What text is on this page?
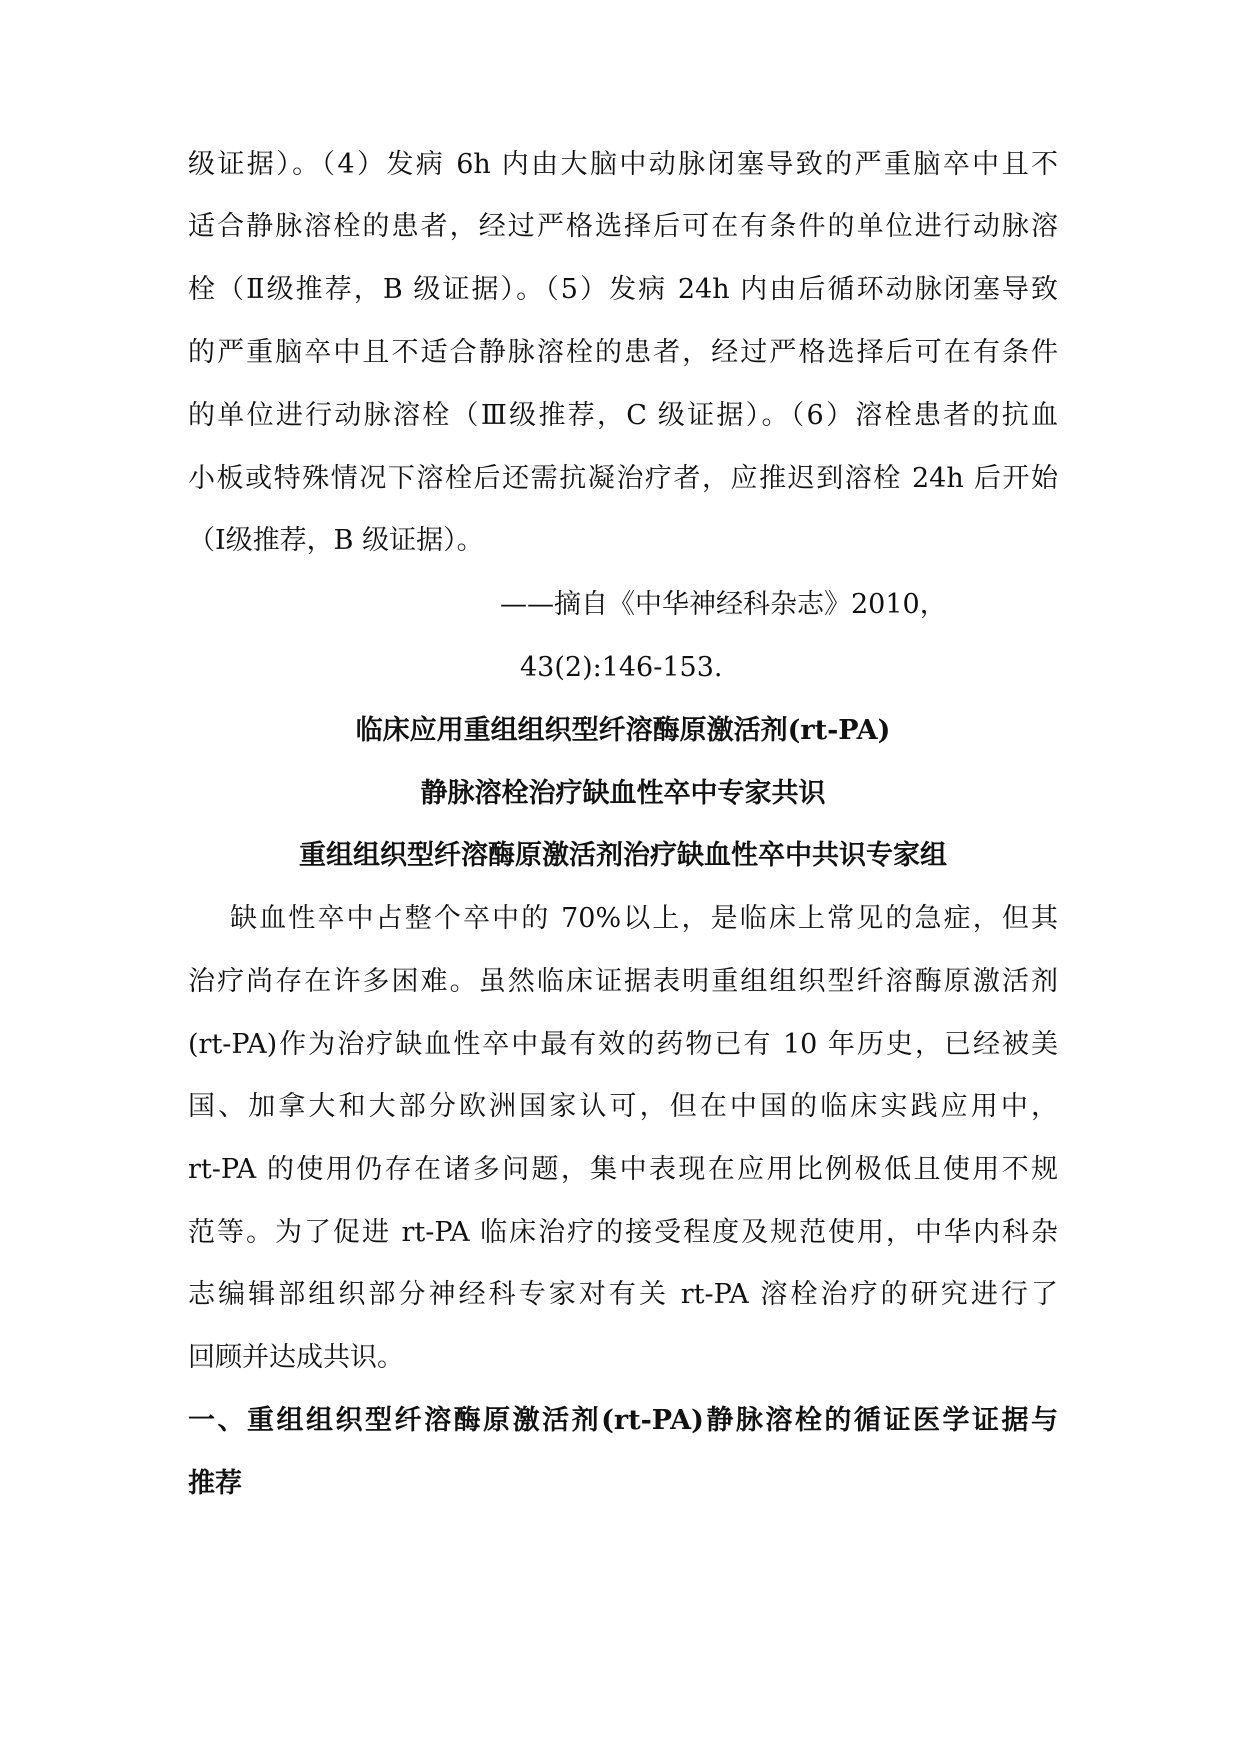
级证据）。（4）发病 6h 内由大脑中动脉闭塞导致的严重脑卒中且不
适合静脉溶栓的患者，经过严格选择后可在有条件的单位进行动脉溶
栓（Ⅱ级推荐，B 级证据）。（5）发病 24h 内由后循环动脉闭塞导致
的严重脑卒中且不适合静脉溶栓的患者，经过严格选择后可在有条件
的单位进行动脉溶栓（Ⅲ级推荐，C 级证据）。（6）溶栓患者的抗血
小板或特殊情况下溶栓后还需抗凝治疗者，应推迟到溶栓 24h 后开始
（Ⅰ级推荐，B 级证据）。
——摘自《中华神经科杂志》2010，
43(2):146-153.
临床应用重组组织型纤溶酶原激活剂(rt-PA)
静脉溶栓治疗缺血性卒中专家共识
重组组织型纤溶酶原激活剂治疗缺血性卒中共识专家组
缺血性卒中占整个卒中的 70%以上，是临床上常见的急症，但其
治疗尚存在许多困难。虽然临床证据表明重组组织型纤溶酶原激活剂
(rt-PA)作为治疗缺血性卒中最有效的药物已有 10 年历史，已经被美
国、加拿大和大部分欧洲国家认可，但在中国的临床实践应用中，
rt-PA 的使用仍存在诸多问题，集中表现在应用比例极低且使用不规
范等。为了促进 rt-PA 临床治疗的接受程度及规范使用，中华内科杂
志编辑部组织部分神经科专家对有关 rt-PA 溶栓治疗的研究进行了
回顾并达成共识。
一、重组组织型纤溶酶原激活剂(rt-PA)静脉溶栓的循证医学证据与
推荐
